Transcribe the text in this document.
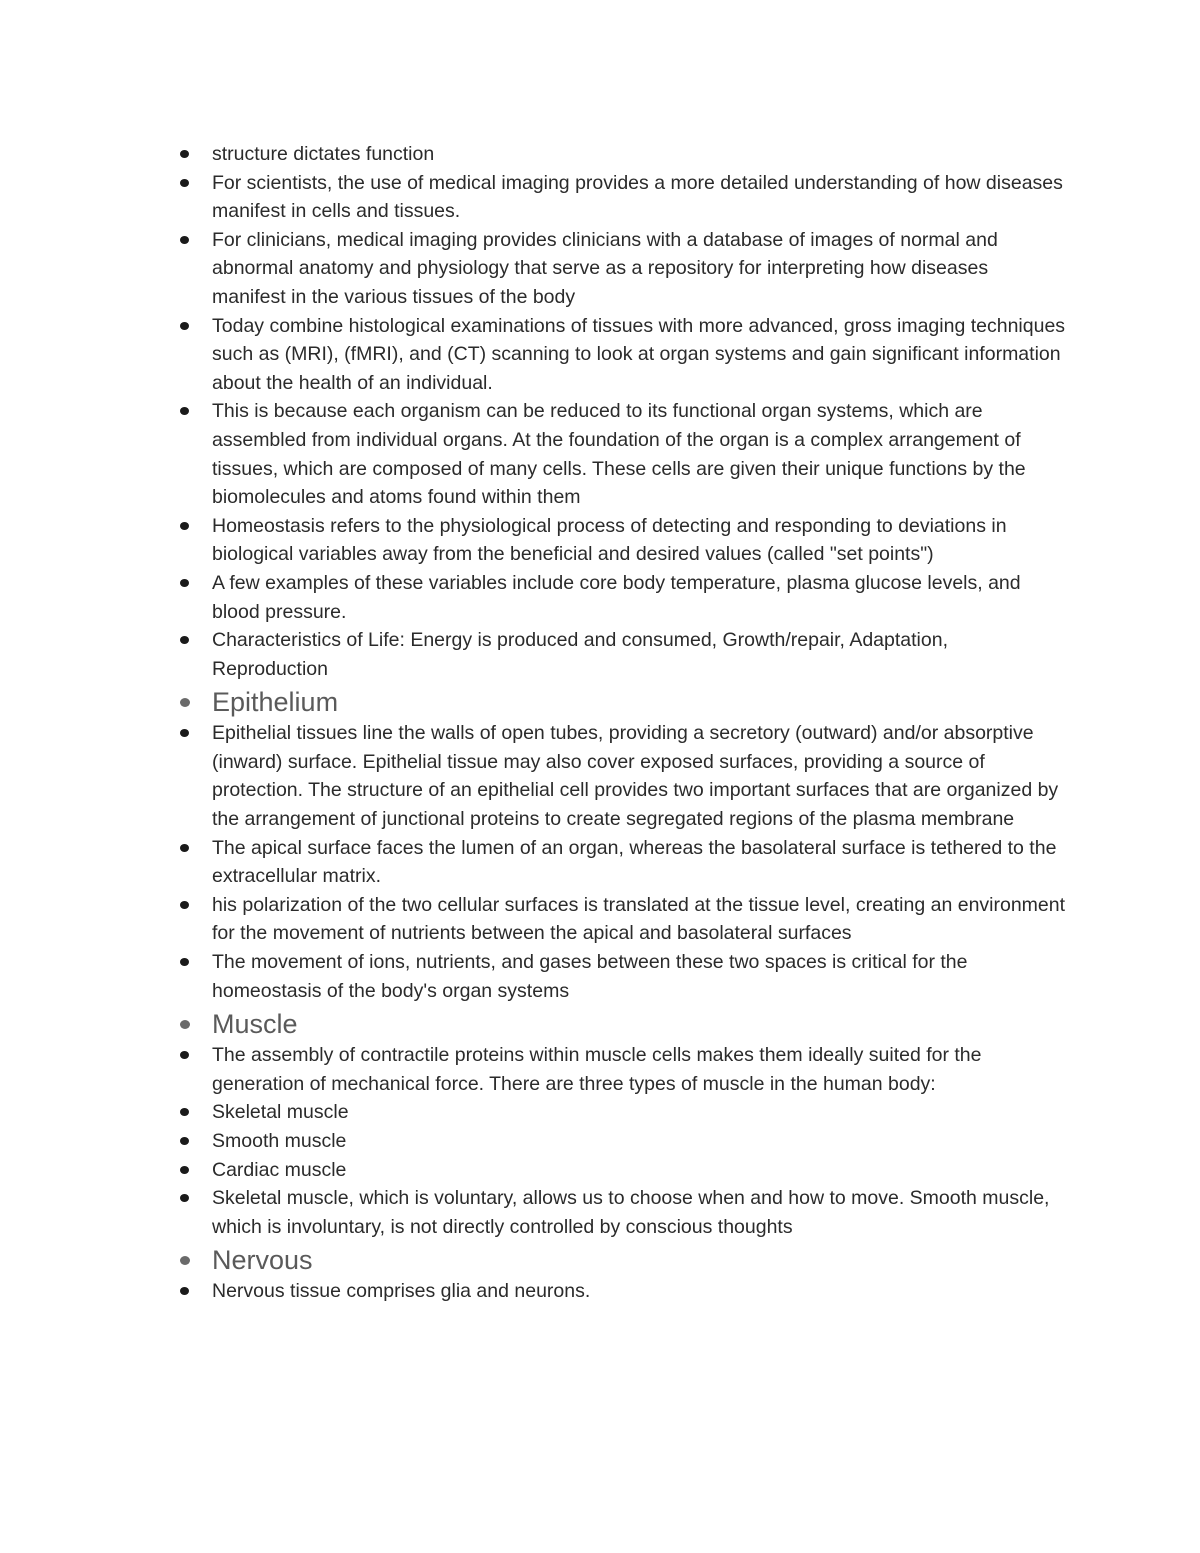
structure dictates function
For scientists, the use of medical imaging provides a more detailed understanding of how diseases manifest in cells and tissues.
For clinicians, medical imaging provides clinicians with a database of images of normal and abnormal anatomy and physiology that serve as a repository for interpreting how diseases manifest in the various tissues of the body
Today combine histological examinations of tissues with more advanced, gross imaging techniques such as (MRI), (fMRI), and (CT) scanning to look at organ systems and gain significant information about the health of an individual.
This is because each organism can be reduced to its functional organ systems, which are assembled from individual organs. At the foundation of the organ is a complex arrangement of tissues, which are composed of many cells. These cells are given their unique functions by the biomolecules and atoms found within them
Homeostasis refers to the physiological process of detecting and responding to deviations in biological variables away from the beneficial and desired values (called "set points")
A few examples of these variables include core body temperature, plasma glucose levels, and blood pressure.
Characteristics of Life: Energy is produced and consumed, Growth/repair, Adaptation, Reproduction
Epithelium
Epithelial tissues line the walls of open tubes, providing a secretory (outward) and/or absorptive (inward) surface. Epithelial tissue may also cover exposed surfaces, providing a source of protection. The structure of an epithelial cell provides two important surfaces that are organized by the arrangement of junctional proteins to create segregated regions of the plasma membrane
The apical surface faces the lumen of an organ, whereas the basolateral surface is tethered to the extracellular matrix.
his polarization of the two cellular surfaces is translated at the tissue level, creating an environment for the movement of nutrients between the apical and basolateral surfaces
The movement of ions, nutrients, and gases between these two spaces is critical for the homeostasis of the body's organ systems
Muscle
The assembly of contractile proteins within muscle cells makes them ideally suited for the generation of mechanical force. There are three types of muscle in the human body:
Skeletal muscle
Smooth muscle
Cardiac muscle
Skeletal muscle, which is voluntary, allows us to choose when and how to move. Smooth muscle, which is involuntary, is not directly controlled by conscious thoughts
Nervous
Nervous tissue comprises glia and neurons.
